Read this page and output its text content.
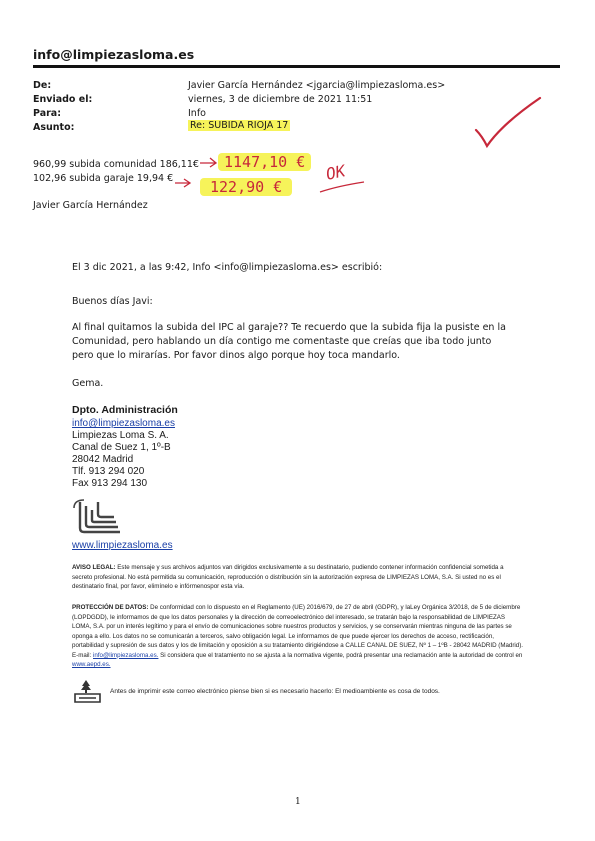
info@limpiezasloma.es
De:	Javier García Hernández <jgarcia@limpiezasloma.es>
Enviado el:	viernes, 3 de diciembre de 2021 11:51
Para:	Info
Asunto:	Re: SUBIDA RIOJA 17
960,99 subida comunidad 186,11€
102,96 subida garaje 19,94 €
1147,10 €
122,90 €
OK
Javier García Hernández
El 3 dic 2021, a las 9:42, Info <info@limpiezasloma.es> escribió:
Buenos días Javi:
Al final quitamos la subida del IPC al garaje?? Te recuerdo que la subida fija la pusiste en la Comunidad, pero hablando un día contigo me comentaste que creías que iba todo junto pero que lo mirarías. Por favor dinos algo porque hoy toca mandarlo.
Gema.
Dpto. Administración
info@limpiezasloma.es
Limpiezas Loma S. A.
Canal de Suez 1, 1º-B
28042 Madrid
Tlf. 913 294 020
Fax 913 294 130
www.limpiezasloma.es
AVISO LEGAL: Este mensaje y sus archivos adjuntos van dirigidos exclusivamente a su destinatario, pudiendo contener información confidencial sometida a secreto profesional. No está permitida su comunicación, reproducción o distribución sin la autorización expresa de LIMPIEZAS LOMA, S.A. Si usted no es el destinatario final, por favor, elimínelo e infórmenospor esta vía.
PROTECCIÓN DE DATOS: De conformidad con lo dispuesto en el Reglamento (UE) 2016/679, de 27 de abril (GDPR), y laLey Orgánica 3/2018, de 5 de diciembre (LOPDGDD), le informamos de que los datos personales y la dirección de correoelectrónico del interesado, se tratarán bajo la responsabilidad de LIMPIEZAS LOMA, S.A. por un interés legítimo y para el envío de comunicaciones sobre nuestros productos y servicios, y se conservarán mientras ninguna de las partes se oponga a ello. Los datos no se comunicarán a terceros, salvo obligación legal. Le informamos de que puede ejercer los derechos de acceso, rectificación, portabilidad y supresión de sus datos y los de limitación y oposición a su tratamiento dirigiéndose a CALLE CANAL DE SUEZ, Nº 1 – 1ºB - 28042 MADRID (Madrid). E-mail: info@limpiezasloma.es. Si considera que el tratamiento no se ajusta a la normativa vigente, podrá presentar una reclamación ante la autoridad de control en www.aepd.es.
Antes de imprimir este correo electrónico piense bien si es necesario hacerlo: El medioambiente es cosa de todos.
1
